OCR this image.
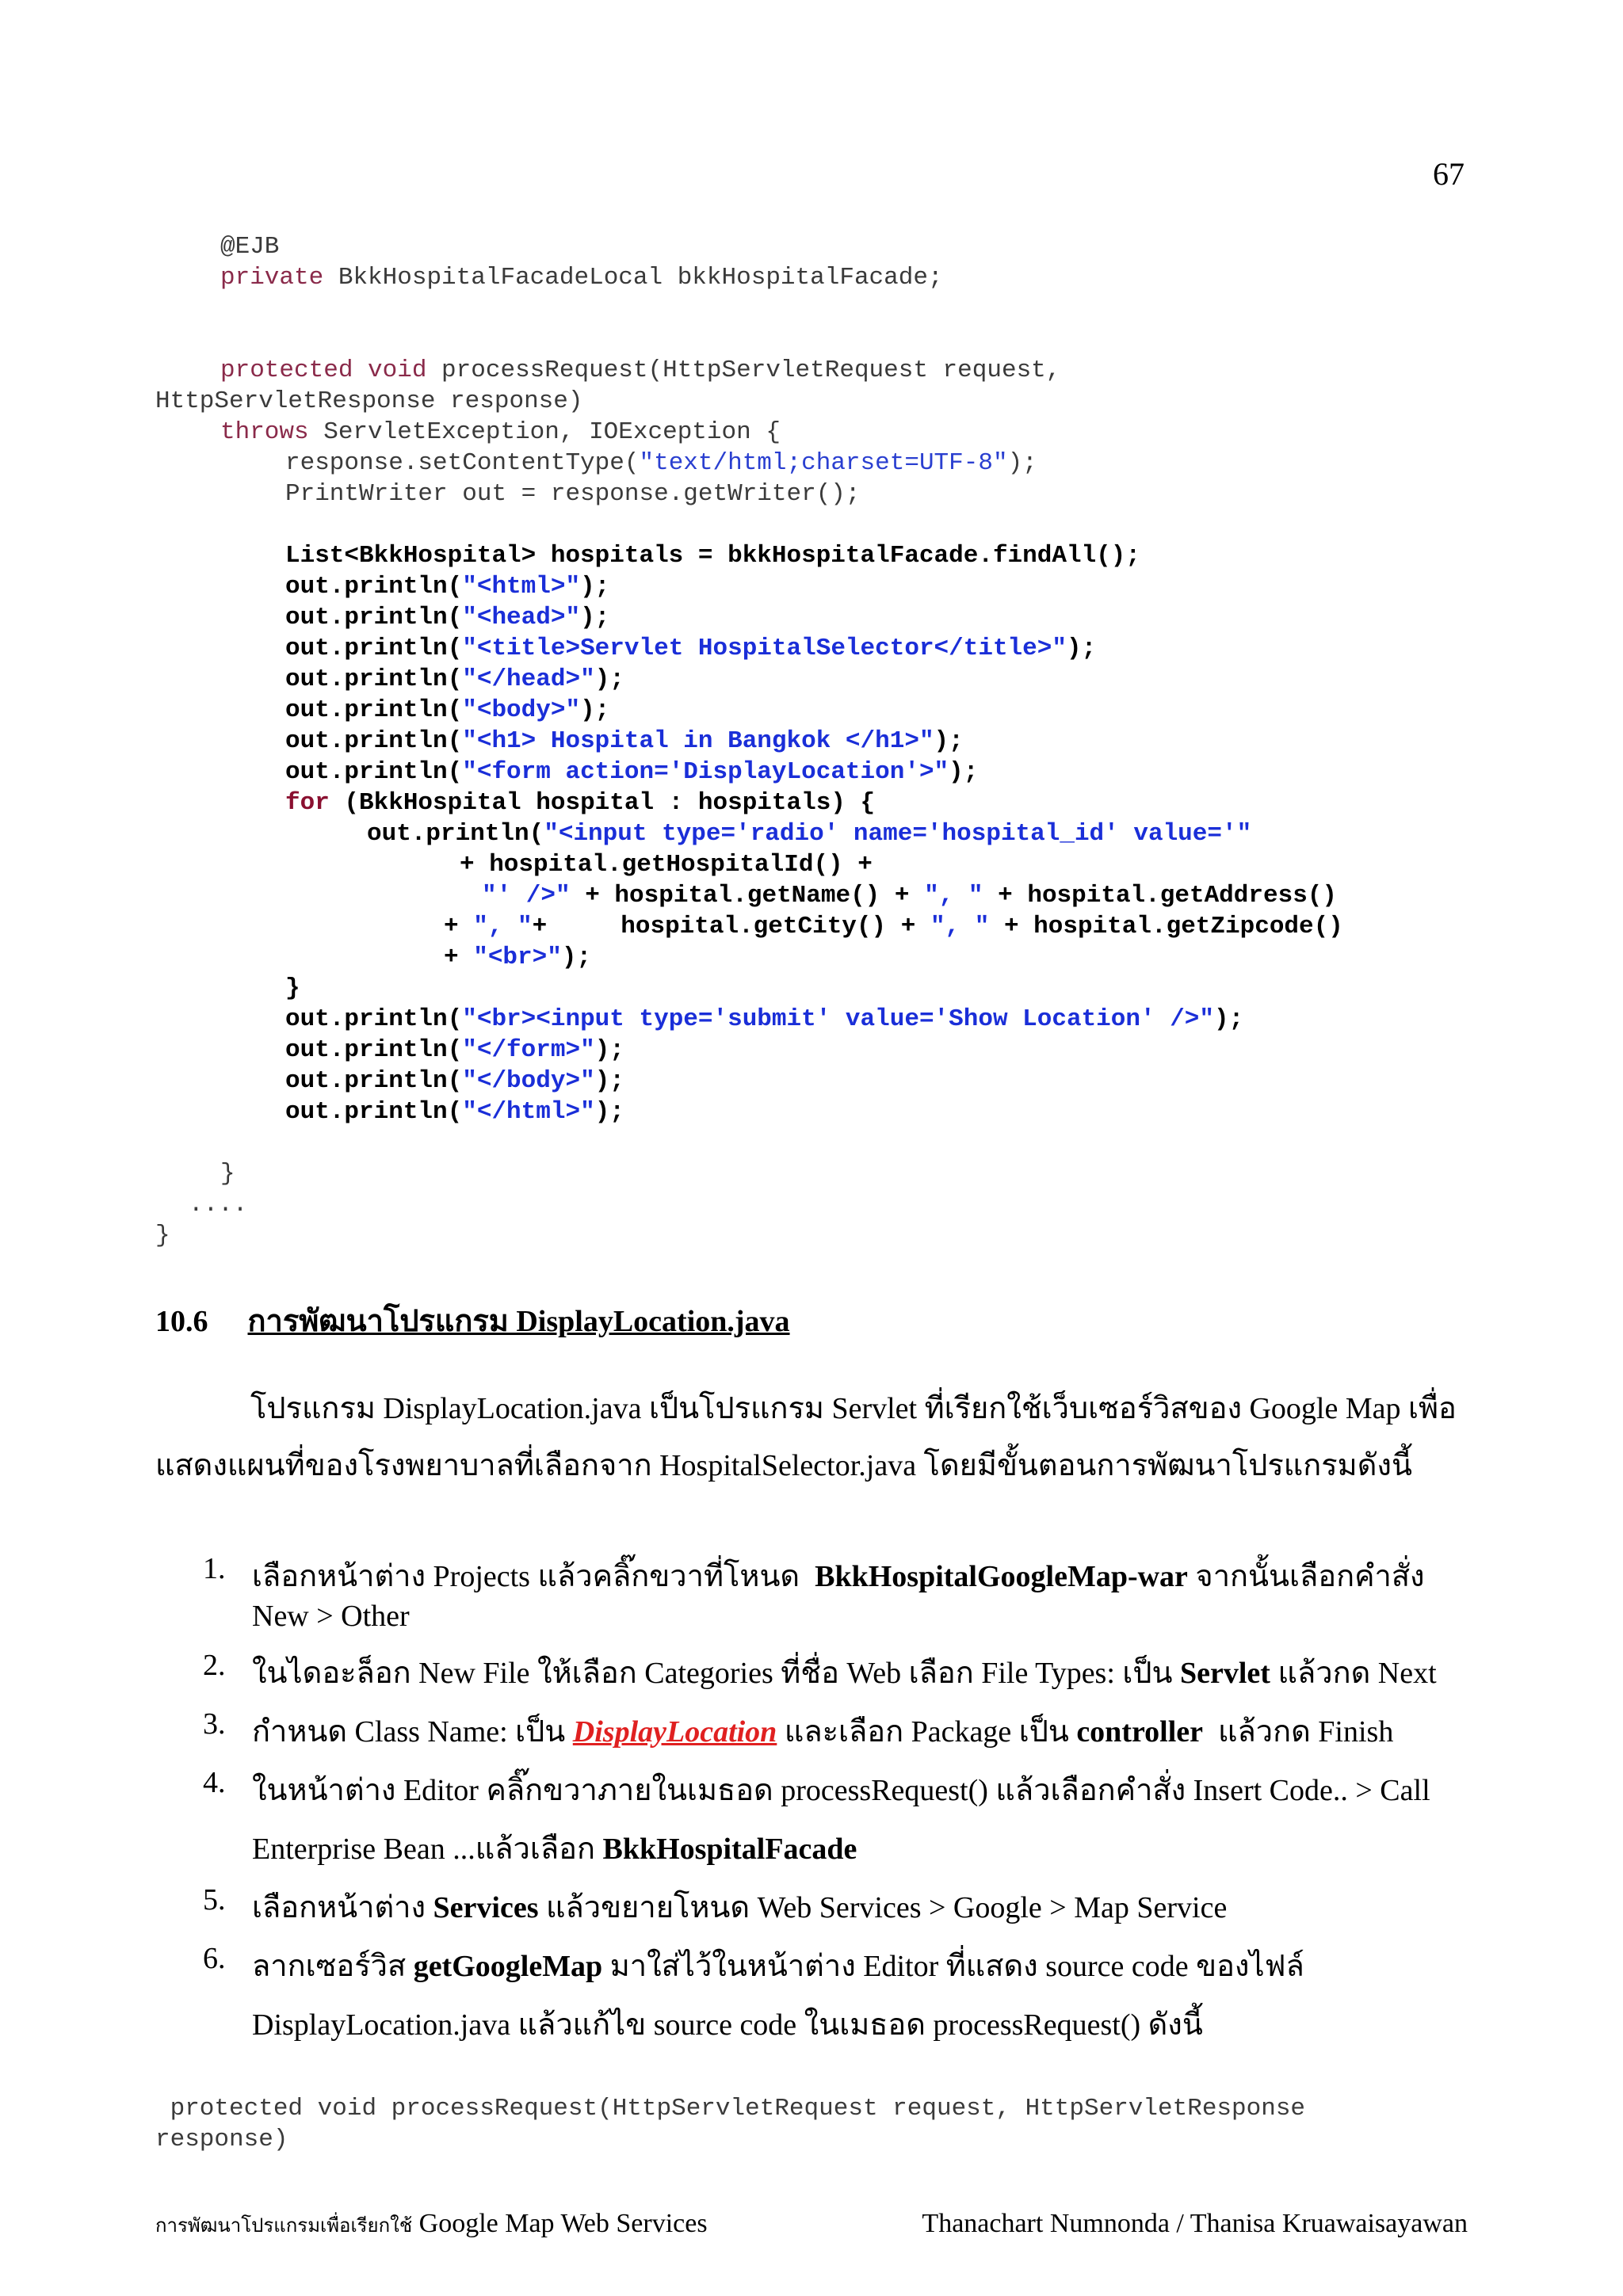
67
@EJB
private BkkHospitalFacadeLocal bkkHospitalFacade;
protected void processRequest(HttpServletRequest request,
HttpServletResponse response)
throws ServletException, IOException {
response.setContentType("text/html;charset=UTF-8");
PrintWriter out = response.getWriter();
List<BkkHospital> hospitals = bkkHospitalFacade.findAll();
out.println("<html>");
out.println("<head>");
out.println("<title>Servlet HospitalSelector</title>");
out.println("</head>");
out.println("<body>");
out.println("<h1> Hospital in Bangkok </h1>");
out.println("<form action='DisplayLocation'>");
for (BkkHospital hospital : hospitals) {
out.println("<input type='radio' name='hospital_id' value='"
+ hospital.getHospitalId() +
"' />" + hospital.getName() + ", " + hospital.getAddress()
+ ", "+     hospital.getCity() + ", " + hospital.getZipcode()
+ "<br>");
}
out.println("<br><input type='submit' value='Show Location' />");
out.println("</form>");
out.println("</body>");
out.println("</html>");
}
....
}
10.6 การพัฒนาโปรแกรม DisplayLocation.java
โปรแกรม DisplayLocation.java เป็นโปรแกรม Servlet ที่เรียกใช้เว็บเซอร์วิสของ Google Map เพื่อ
แสดงแผนที่ของโรงพยาบาลที่เลือกจาก HospitalSelector.java โดยมีขั้นตอนการพัฒนาโปรแกรมดังนี้
1. เลือกหน้าต่าง Projects แล้วคลิ๊กขวาที่โหนด  BkkHospitalGoogleMap-war จากนั้นเลือกคำสั่ง
New > Other
2. ในไดอะล็อก New File ให้เลือก Categories ที่ชื่อ Web เลือก File Types: เป็น Servlet แล้วกด Next
3. กำหนด Class Name: เป็น DisplayLocation และเลือก Package เป็น controller  แล้วกด Finish
4. ในหน้าต่าง Editor คลิ๊กขวาภายในเมธอด processRequest() แล้วเลือกคำสั่ง Insert Code.. > Call
Enterprise Bean ...แล้วเลือก BkkHospitalFacade
5. เลือกหน้าต่าง Services แล้วขยายโหนด Web Services > Google > Map Service
6. ลากเซอร์วิส getGoogleMap มาใส่ไว้ในหน้าต่าง Editor ที่แสดง source code ของไฟล์
DisplayLocation.java แล้วแก้ไข source code ในเมธอด processRequest() ดังนี้
protected void processRequest(HttpServletRequest request, HttpServletResponse
response)
การพัฒนาโปรแกรมเพื่อเรียกใช้ Google Map Web Services	Thanachart Numnonda / Thanisa Kruawaisayawan
